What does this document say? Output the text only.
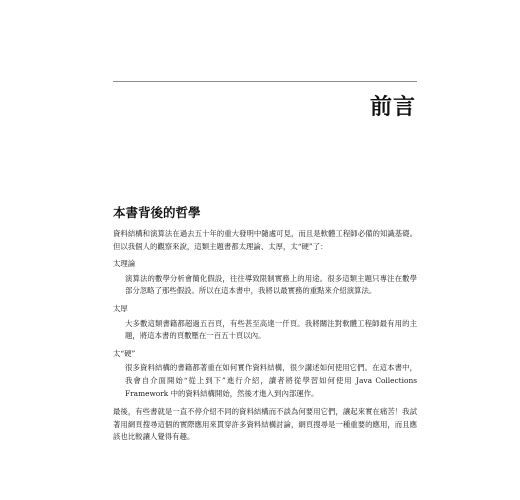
前言
本書背後的哲學

資料結構和演算法在過去五十年的重大發明中隨處可見，而且是軟體工程師必備的知識基礎。但以我個人的觀察來說，這類主題書都太理論、太厚，太“硬”了：

太理論

演算法的數學分析會簡化假設，往往導致限制實務上的用途。很多這類主題只專注在數學部分忽略了那些假設。所以在這本書中，我將以最實務的重點來介紹演算法。

太厚

大多數這類書籍都超過五百頁，有些甚至高達一仟頁。我將關注對軟體工程師最有用的主題，將這本書的頁數壓在一百五十頁以內。

太“硬”

很多資料結構的書籍都著重在如何實作資料結構，很少講述如何使用它們。在這本書中，我會自介面開始“從上到下”進行介紹，讀者將從學習如何使用 Java Collections Framework 中的資料結構開始，然後才進入到內部運作。

最後，有些書就是一直不停介紹不同的資料結構而不談為何要用它們，讓起來實在痛苦！我試著用網頁搜尋這個的實際應用來貫穿許多資料結構討論，網頁搜尋是一種重要的應用，而且應該也比較讓人覺得有趣。
